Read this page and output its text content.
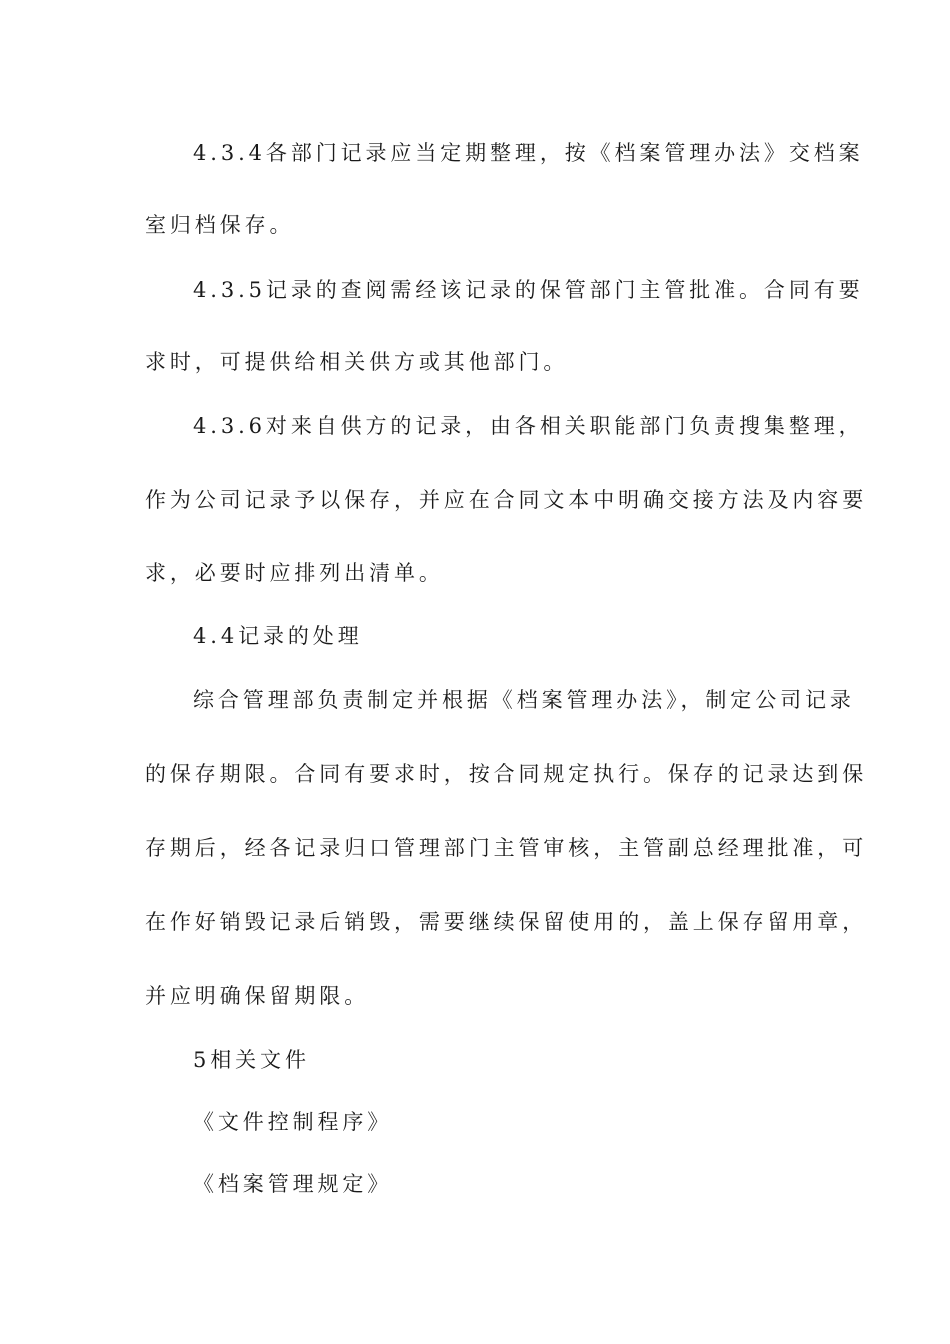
4.3.4各部门记录应当定期整理，按《档案管理办法》交档案
室归档保存。
4.3.5记录的查阅需经该记录的保管部门主管批准。合同有要
求时，可提供给相关供方或其他部门。
4.3.6对来自供方的记录，由各相关职能部门负责搜集整理，
作为公司记录予以保存，并应在合同文本中明确交接方法及内容要
求，必要时应排列出清单。
4.4记录的处理
综合管理部负责制定并根据《档案管理办法》，制定公司记录
的保存期限。合同有要求时，按合同规定执行。保存的记录达到保
存期后，经各记录归口管理部门主管审核，主管副总经理批准，可
在作好销毁记录后销毁，需要继续保留使用的，盖上保存留用章，
并应明确保留期限。
5相关文件
《文件控制程序》
《档案管理规定》
